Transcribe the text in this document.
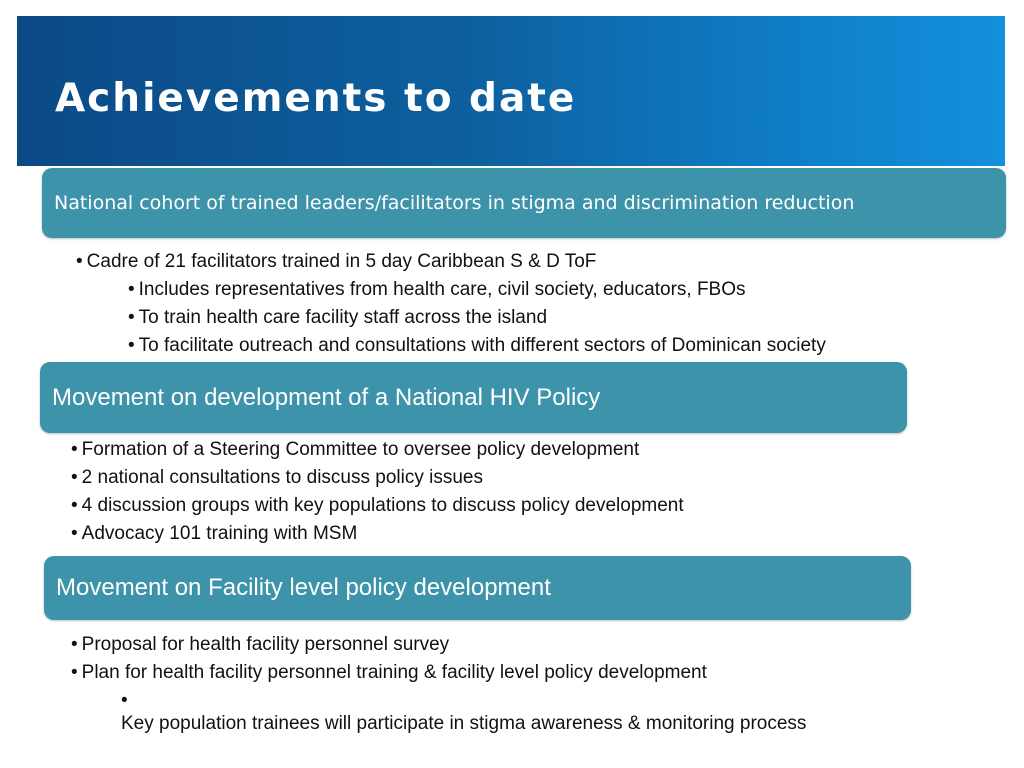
Achievements to date
National cohort of trained leaders/facilitators in stigma and discrimination reduction
• Cadre of 21 facilitators trained in 5 day Caribbean S & D ToF
• Includes representatives from health care, civil society, educators, FBOs
• To train health care facility staff across the island
• To facilitate outreach and consultations with different sectors of Dominican society
Movement on development of a National HIV Policy
• Formation of a Steering Committee to oversee policy development
• 2 national consultations to discuss policy issues
• 4 discussion groups with key populations to discuss policy development
• Advocacy 101 training with MSM
Movement on Facility level policy development
• Proposal for health facility personnel survey
• Plan for health facility personnel training & facility level policy development
• Key population trainees will participate in stigma awareness & monitoring process
